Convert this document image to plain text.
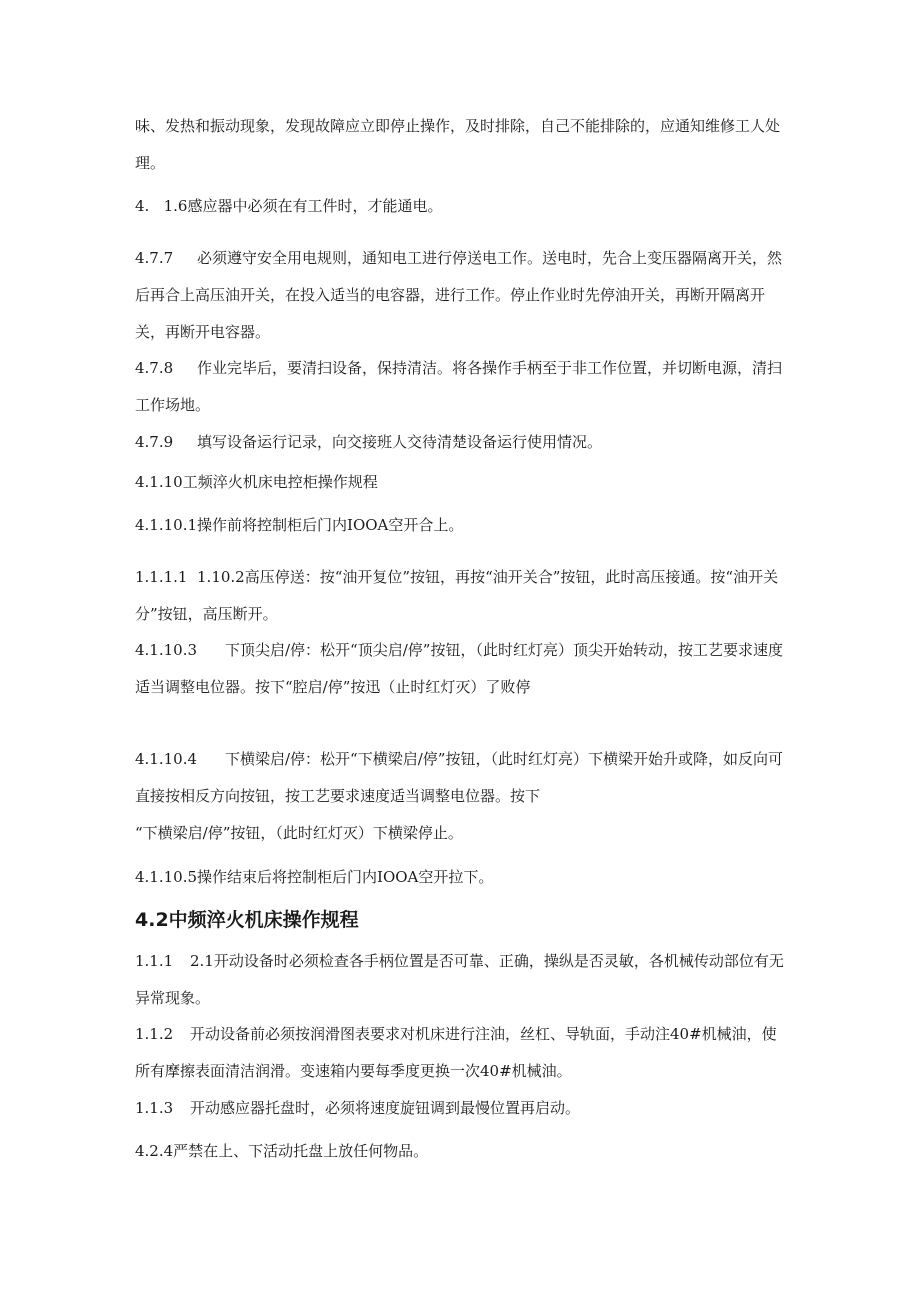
味、发热和振动现象，发现故障应立即停止操作，及时排除，自己不能排除的，应通知维修工人处理。

4.   1.6感应器中必须在有工件时，才能通电。

4.7.7 必须遵守安全用电规则，通知电工进行停送电工作。送电时，先合上变压器隔离开关，然后再合上高压油开关，在投入适当的电容器，进行工作。停止作业时先停油开关，再断开隔离开关，再断开电容器。

4.7.8 作业完毕后，要清扫设备，保持清洁。将各操作手柄至于非工作位置，并切断电源，清扫工作场地。

4.7.9 填写设备运行记录，向交接班人交待清楚设备运行使用情况。

4.1.10工频淬火机床电控柜操作规程

4.1.10.1操作前将控制柜后门内IOOA空开合上。

1.1.1.1  1.10.2高压停送：按“油开复位”按钮，再按“油开关合”按钮，此时高压接通。按“油开关分”按钮，高压断开。

4.1.10.3 下顶尖启/停：松开“顶尖启/停”按钮，（此时红灯亮）顶尖开始转动，按工艺要求速度适当调整电位器。按下“腔启/停”按迅（止时红灯灭）了败停

4.1.10.4 下横梁启/停：松开“下横梁启/停”按钮，（此时红灯亮）下横梁开始升或降，如反向可直接按相反方向按钮，按工艺要求速度适当调整电位器。按下

“下横梁启/停”按钮，（此时红灯灭）下横梁停止。

4.1.10.5操作结束后将控制柜后门内IOOA空开拉下。

4.2中频淬火机床操作规程

1.1.1 2.1开动设备时必须检查各手柄位置是否可靠、正确，操纵是否灵敏，各机械传动部位有无异常现象。

1.1.2 开动设备前必须按润滑图表要求对机床进行注油，丝杠、导轨面，手动注40#机械油，使所有摩擦表面清洁润滑。变速箱内要每季度更换一次40#机械油。

1.1.3 开动感应器托盘时，必须将速度旋钮调到最慢位置再启动。

4.2.4严禁在上、下活动托盘上放任何物品。
